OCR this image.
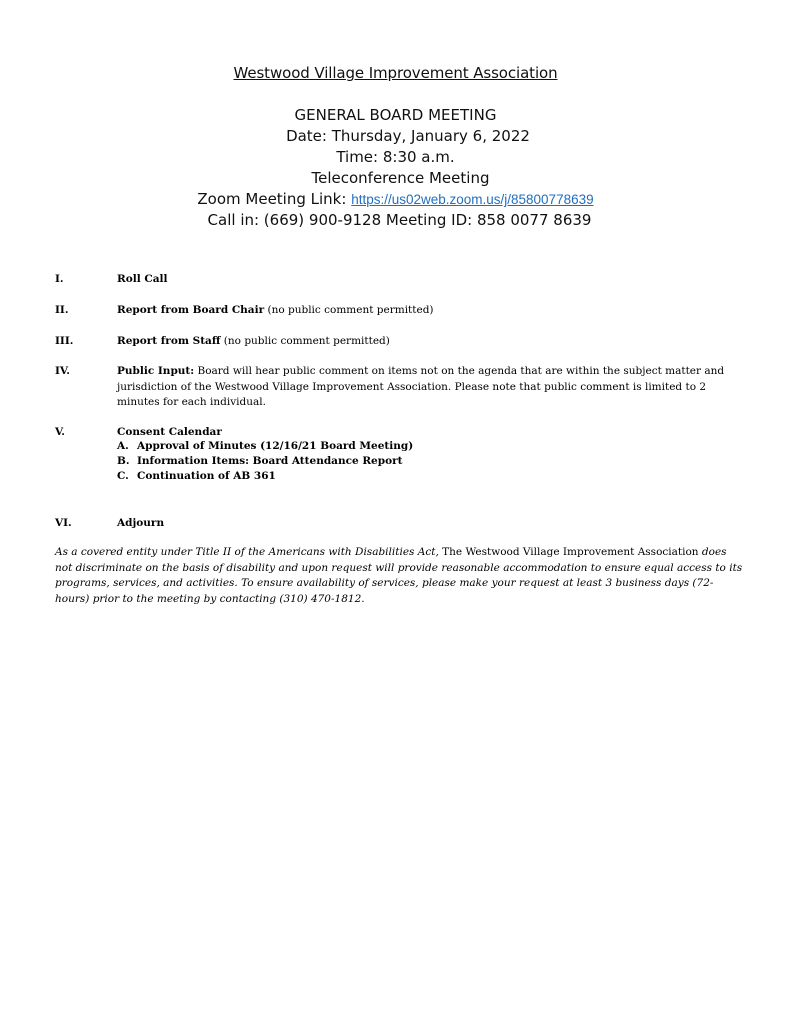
Westwood Village Improvement Association
GENERAL BOARD MEETING
Date: Thursday, January 6, 2022
Time: 8:30 a.m.
Teleconference Meeting
Zoom Meeting Link: https://us02web.zoom.us/j/85800778639
Call in: (669) 900-9128 Meeting ID: 858 0077 8639
I.	Roll Call
II.	Report from Board Chair (no public comment permitted)
III.	Report from Staff (no public comment permitted)
IV.	Public Input: Board will hear public comment on items not on the agenda that are within the subject matter and jurisdiction of the Westwood Village Improvement Association. Please note that public comment is limited to 2 minutes for each individual.
V.	Consent Calendar
A. Approval of Minutes (12/16/21 Board Meeting)
B. Information Items: Board Attendance Report
C. Continuation of AB 361
VI.	Adjourn
As a covered entity under Title II of the Americans with Disabilities Act, The Westwood Village Improvement Association does not discriminate on the basis of disability and upon request will provide reasonable accommodation to ensure equal access to its programs, services, and activities. To ensure availability of services, please make your request at least 3 business days (72-hours) prior to the meeting by contacting (310) 470-1812.
